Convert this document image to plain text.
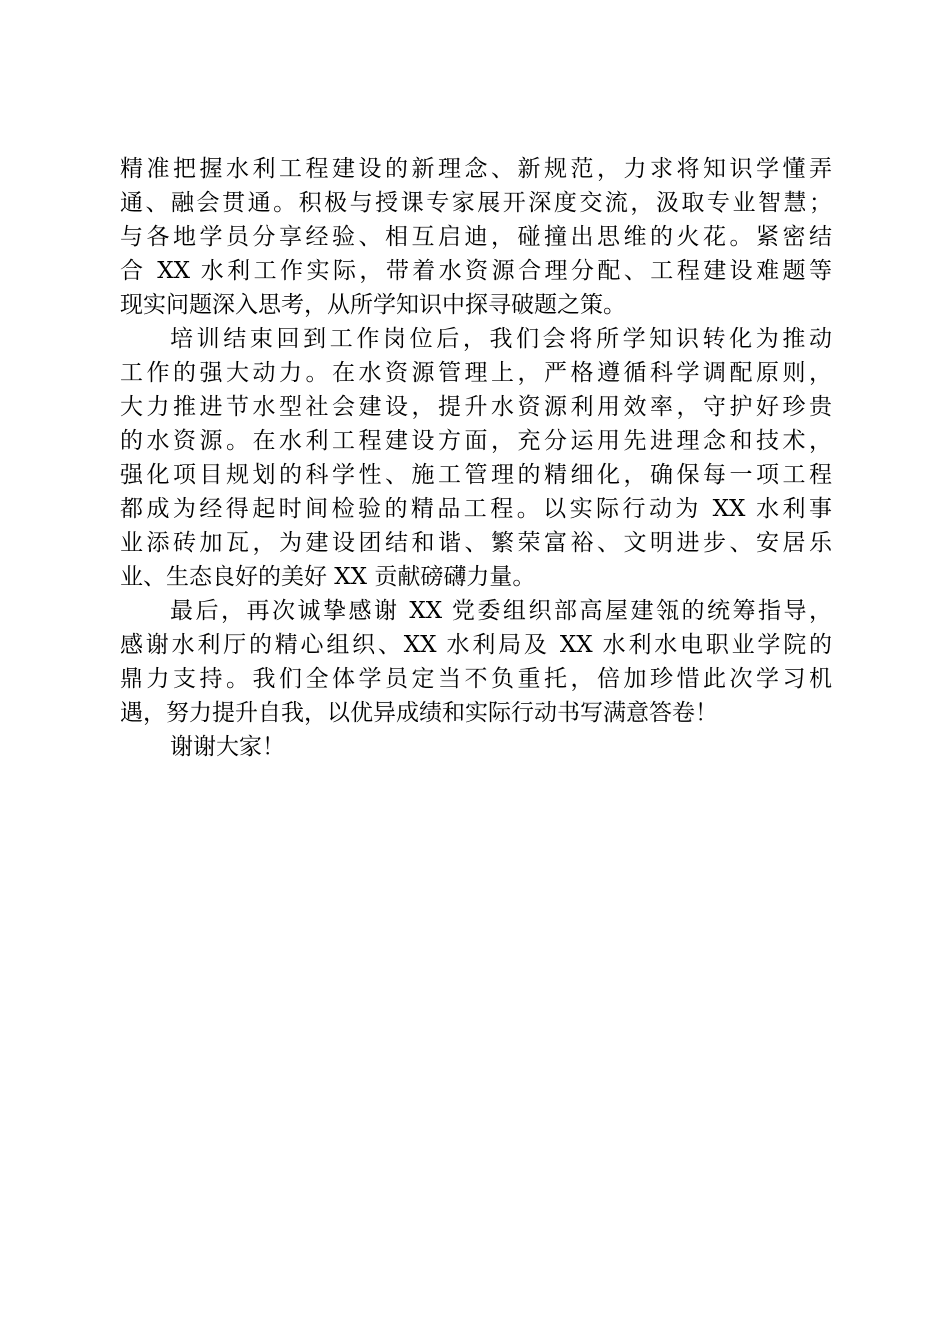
精准把握水利工程建设的新理念、新规范，力求将知识学懂弄
通、融会贯通。积极与授课专家展开深度交流，汲取专业智慧；
与各地学员分享经验、相互启迪，碰撞出思维的火花。紧密结
合 XX 水利工作实际，带着水资源合理分配、工程建设难题等
现实问题深入思考，从所学知识中探寻破题之策。
培训结束回到工作岗位后，我们会将所学知识转化为推动
工作的强大动力。在水资源管理上，严格遵循科学调配原则，
大力推进节水型社会建设，提升水资源利用效率，守护好珍贵
的水资源。在水利工程建设方面，充分运用先进理念和技术，
强化项目规划的科学性、施工管理的精细化，确保每一项工程
都成为经得起时间检验的精品工程。以实际行动为 XX 水利事
业添砖加瓦，为建设团结和谐、繁荣富裕、文明进步、安居乐
业、生态良好的美好 XX 贡献磅礴力量。
最后，再次诚挚感谢 XX 党委组织部高屋建瓴的统筹指导，
感谢水利厅的精心组织、XX 水利局及 XX 水利水电职业学院的
鼎力支持。我们全体学员定当不负重托，倍加珍惜此次学习机
遇，努力提升自我，以优异成绩和实际行动书写满意答卷！
谢谢大家！
